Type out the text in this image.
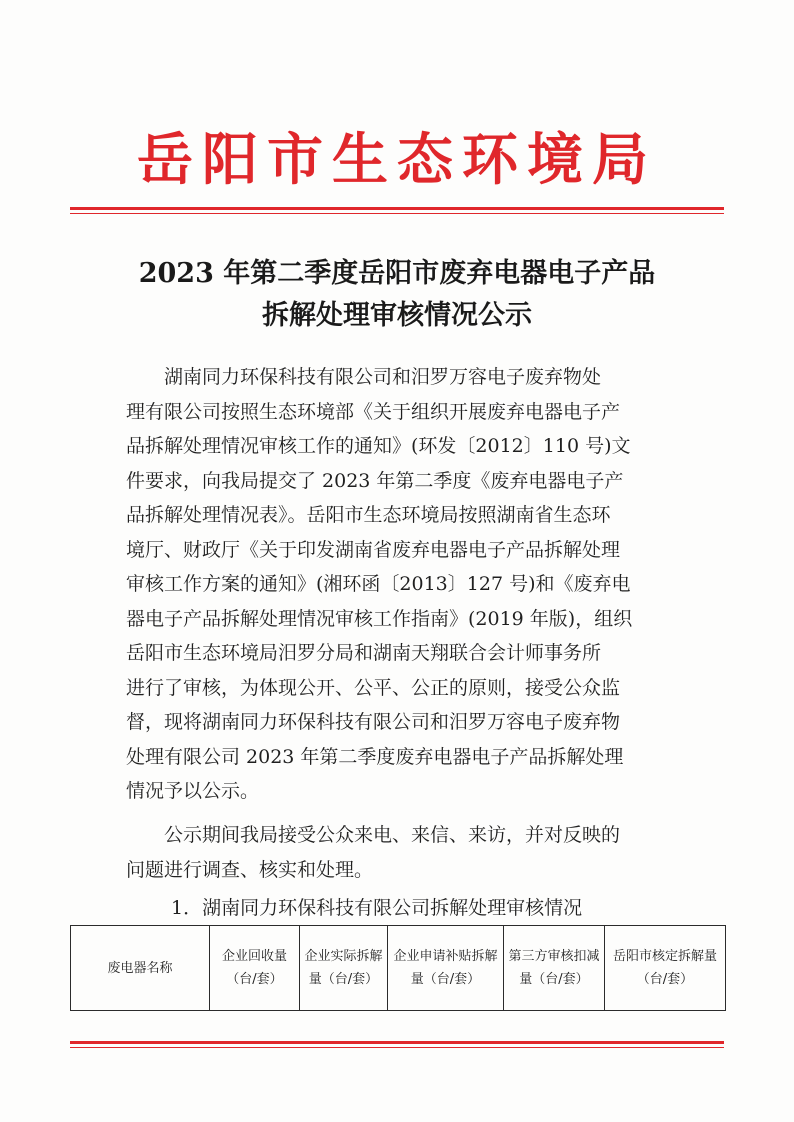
岳阳市生态环境局
2023 年第二季度岳阳市废弃电器电子产品
拆解处理审核情况公示
湖南同力环保科技有限公司和汨罗万容电子废弃物处
理有限公司按照生态环境部《关于组织开展废弃电器电子产
品拆解处理情况审核工作的通知》(环发〔2012〕110 号)文
件要求，向我局提交了 2023 年第二季度《废弃电器电子产
品拆解处理情况表》。岳阳市生态环境局按照湖南省生态环
境厅、财政厅《关于印发湖南省废弃电器电子产品拆解处理
审核工作方案的通知》(湘环函〔2013〕127 号)和《废弃电
器电子产品拆解处理情况审核工作指南》(2019 年版)，组织
岳阳市生态环境局汨罗分局和湖南天翔联合会计师事务所
进行了审核，为体现公开、公平、公正的原则，接受公众监
督，现将湖南同力环保科技有限公司和汨罗万容电子废弃物
处理有限公司 2023 年第二季度废弃电器电子产品拆解处理
情况予以公示。
公示期间我局接受公众来电、来信、来访，并对反映的
问题进行调查、核实和处理。
1．湖南同力环保科技有限公司拆解处理审核情况
废电器名称	企业回收量（台/套）	企业实际拆解量（台/套）	企业申请补贴拆解量（台/套）	第三方审核扣减量（台/套）	岳阳市核定拆解量（台/套）
